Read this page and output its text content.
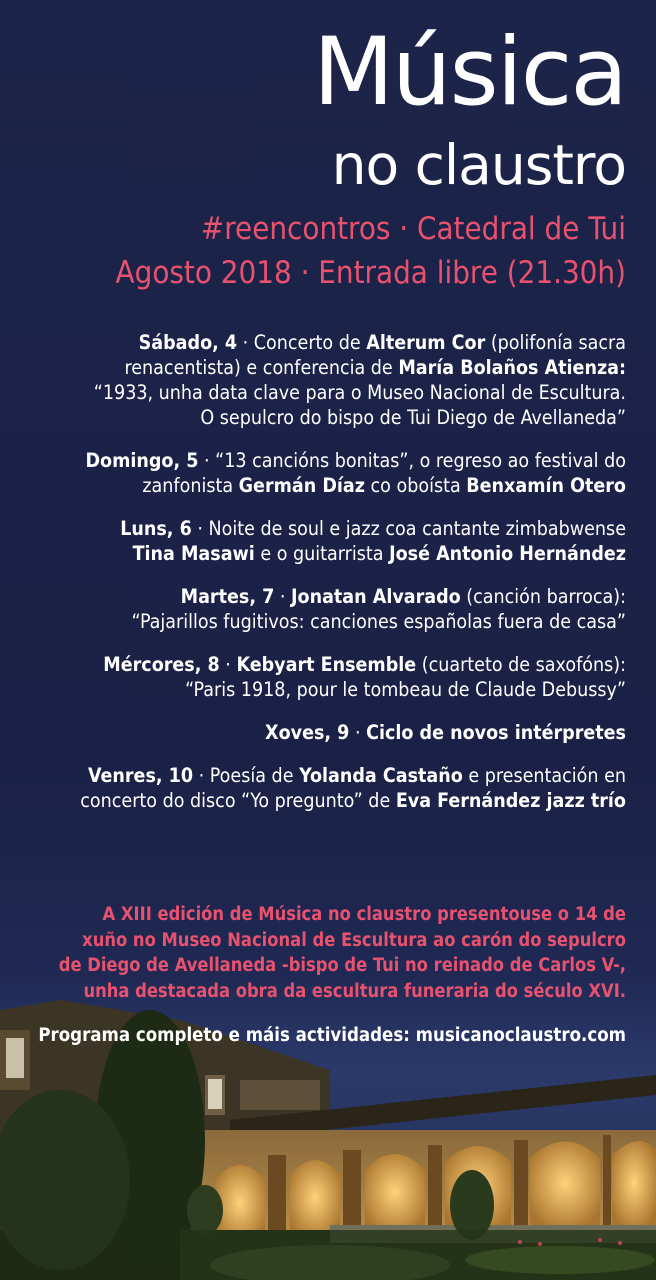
Música
no claustro
#reencontros · Catedral de Tui
Agosto 2018 · Entrada libre (21.30h)
Sábado, 4 · Concerto de Alterum Cor (polifonía sacra
renacentista) e conferencia de María Bolaños Atienza:
“1933, unha data clave para o Museo Nacional de Escultura.
O sepulcro do bispo de Tui Diego de Avellaneda”
Domingo, 5 · “13 cancións bonitas”, o regreso ao festival do
zanfonista Germán Díaz co oboísta Benxamín Otero
Luns, 6 · Noite de soul e jazz coa cantante zimbabwense
Tina Masawi e o guitarrista José Antonio Hernández
Martes, 7 · Jonatan Alvarado (canción barroca):
“Pajarillos fugitivos: canciones españolas fuera de casa”
Mércores, 8 · Kebyart Ensemble (cuarteto de saxofóns):
“Paris 1918, pour le tombeau de Claude Debussy”
Xoves, 9 · Ciclo de novos intérpretes
Venres, 10 · Poesía de Yolanda Castaño e presentación en
concerto do disco “Yo pregunto” de Eva Fernández jazz trío
A XIII edición de Música no claustro presentouse o 14 de
xuño no Museo Nacional de Escultura ao carón do sepulcro
de Diego de Avellaneda -bispo de Tui no reinado de Carlos V-,
unha destacada obra da escultura funeraria do século XVI.
Programa completo e máis actividades: musicanoclaustro.com
